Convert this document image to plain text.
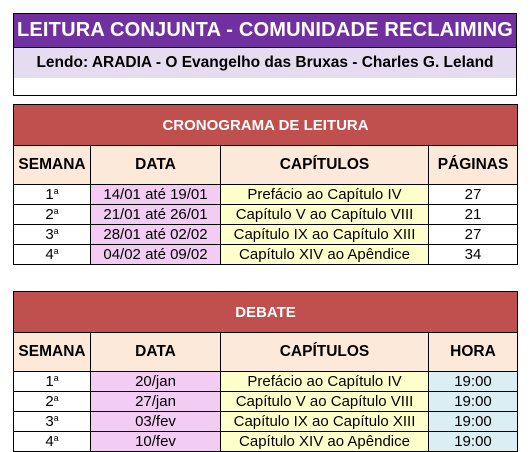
LEITURA CONJUNTA - COMUNIDADE RECLAIMING
Lendo: ARADIA - O Evangelho das Bruxas - Charles G. Leland
CRONOGRAMA DE LEITURA			
SEMANA	DATA	CAPÍTULOS	PÁGINAS
1$^a$	14/01 até 19/01	Prefácio ao Capítulo IV	27
2$^a$	21/01 até 26/01	Capítulo V ao Capítulo VIII	21
3$^a$	28/01 até 02/02	Capítulo IX ao Capítulo XIII	27
4$^a$	04/02 até 09/02	Capítulo XIV ao Apêndice	34
DEBATE			
SEMANA	DATA	CAPÍTULOS	HORA
1$^a$	20/jan	Prefácio ao Capítulo IV	19:00
2$^a$	27/jan	Capítulo V ao Capítulo VIII	19:00
3$^a$	03/fev	Capítulo IX ao Capítulo XIII	19:00
4$^a$	10/fev	Capítulo XIV ao Apêndice	19:00
